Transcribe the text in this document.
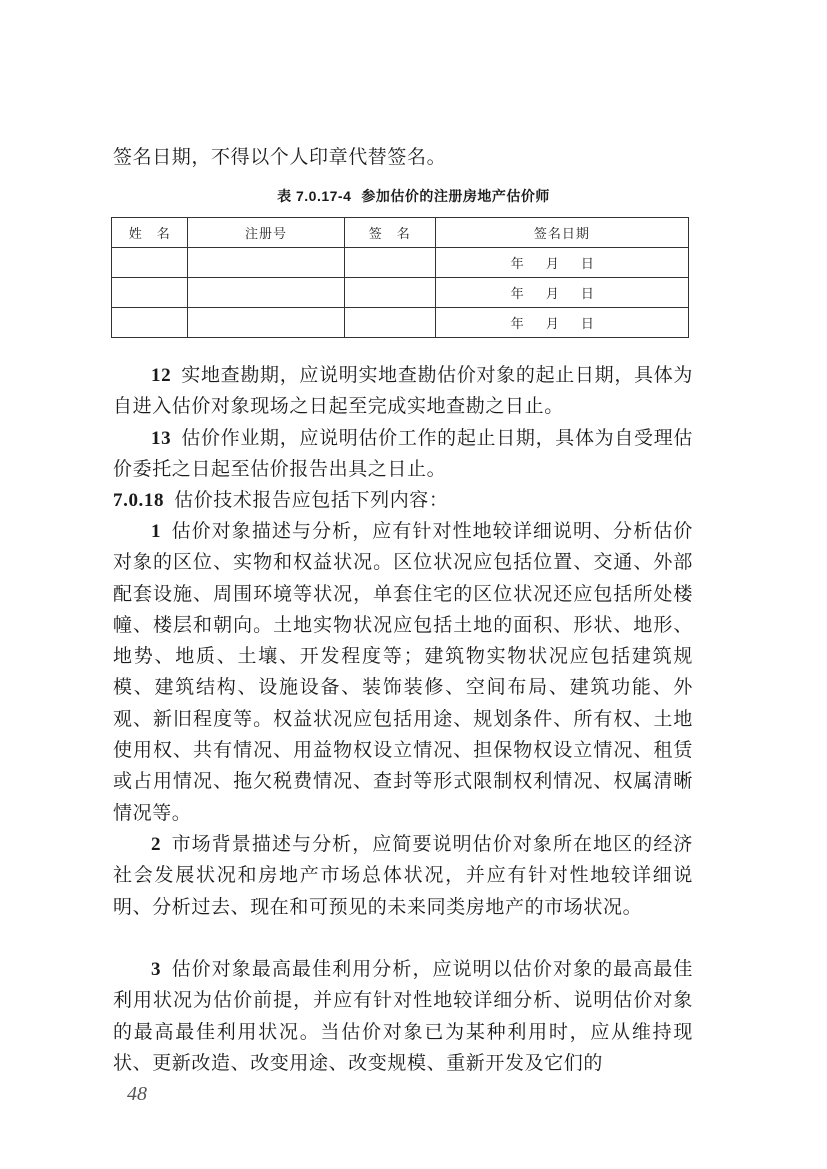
签名日期，不得以个人印章代替签名。

表 7.0.17-4 参加估价的注册房地产估价师
姓　名	注册号	签　名	签名日期
			年 月 日
			年 月 日
			年 月 日

12 实地查勘期，应说明实地查勘估价对象的起止日期，具体为自进入估价对象现场之日起至完成实地查勘之日止。

13 估价作业期，应说明估价工作的起止日期，具体为自受理估价委托之日起至估价报告出具之日止。

7.0.18 估价技术报告应包括下列内容：

1 估价对象描述与分析，应有针对性地较详细说明、分析估价对象的区位、实物和权益状况。区位状况应包括位置、交通、外部配套设施、周围环境等状况，单套住宅的区位状况还应包括所处楼幢、楼层和朝向。土地实物状况应包括土地的面积、形状、地形、地势、地质、土壤、开发程度等；建筑物实物状况应包括建筑规模、建筑结构、设施设备、装饰装修、空间布局、建筑功能、外观、新旧程度等。权益状况应包括用途、规划条件、所有权、土地使用权、共有情况、用益物权设立情况、担保物权设立情况、租赁或占用情况、拖欠税费情况、查封等形式限制权利情况、权属清晰情况等。

2 市场背景描述与分析，应简要说明估价对象所在地区的经济社会发展状况和房地产市场总体状况，并应有针对性地较详细说明、分析过去、现在和可预见的未来同类房地产的市场状况。

3 估价对象最高最佳利用分析，应说明以估价对象的最高最佳利用状况为估价前提，并应有针对性地较详细分析、说明估价对象的最高最佳利用状况。当估价对象已为某种利用时，应从维持现状、更新改造、改变用途、改变规模、重新开发及它们的

48
